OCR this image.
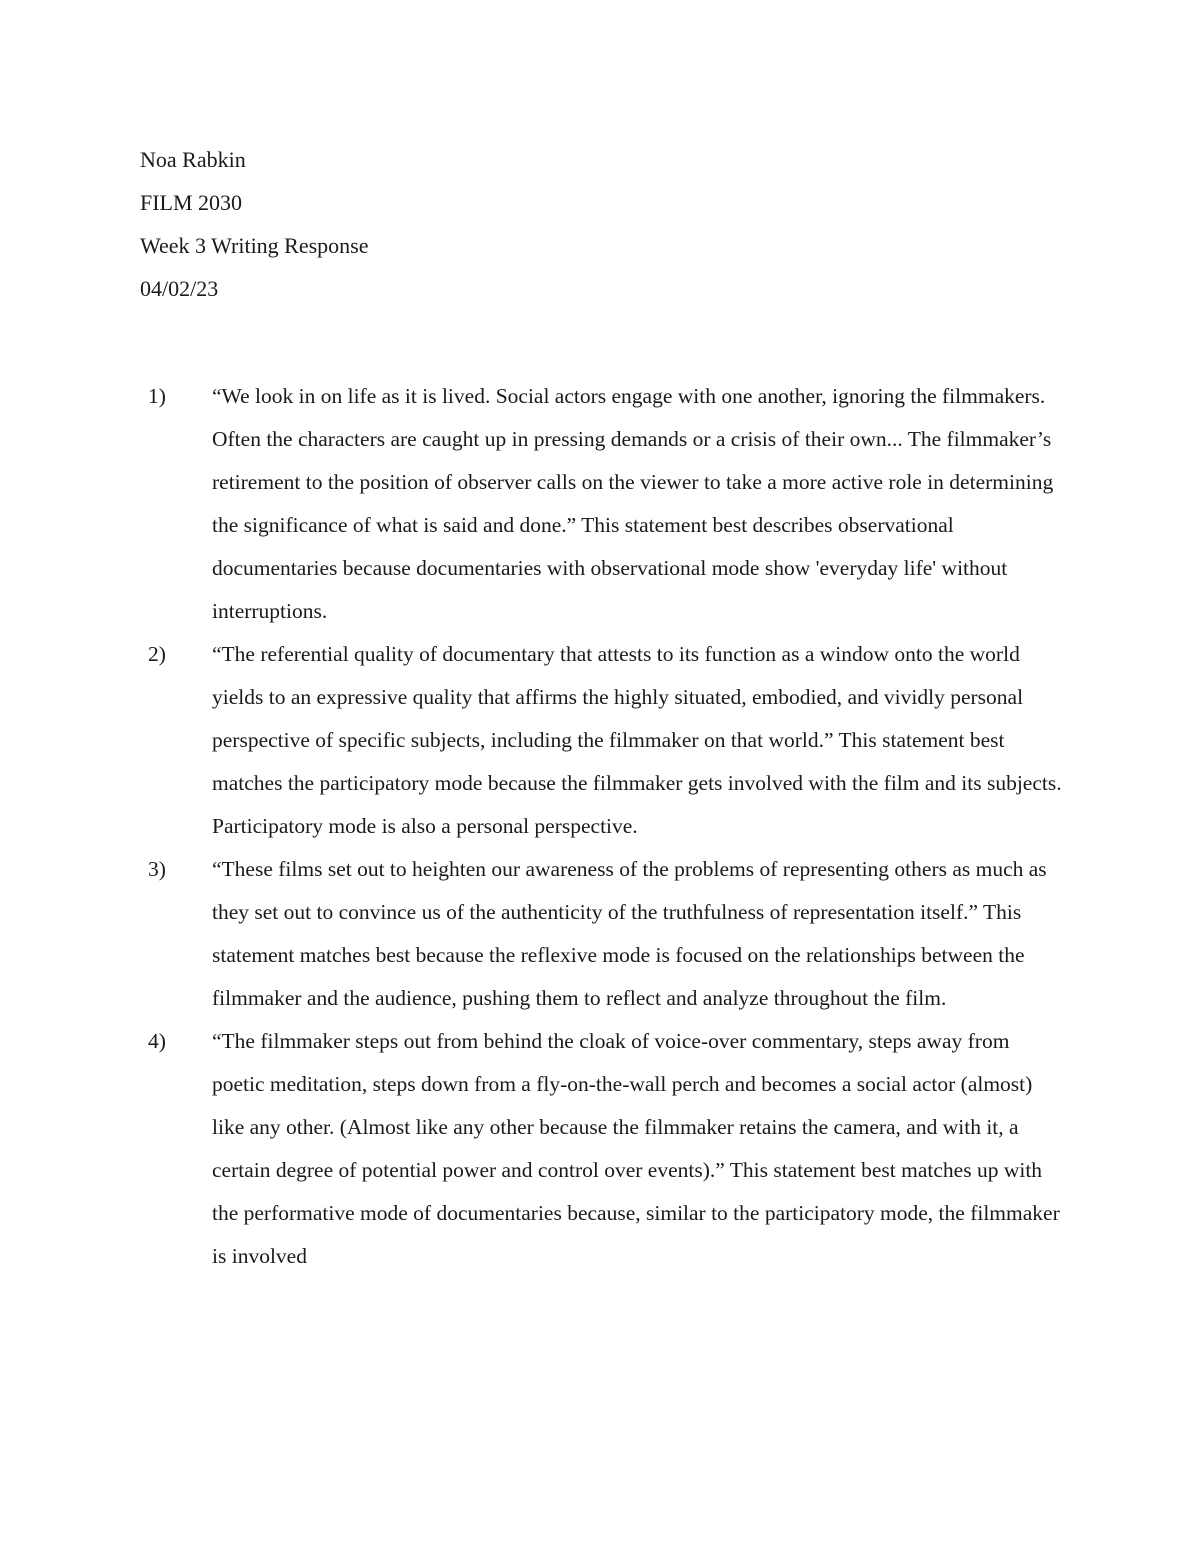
Noa Rabkin
FILM 2030
Week 3 Writing Response
04/02/23
1)	“We look in on life as it is lived. Social actors engage with one another, ignoring the filmmakers. Often the characters are caught up in pressing demands or a crisis of their own... The filmmaker’s retirement to the position of observer calls on the viewer to take a more active role in determining the significance of what is said and done.” This statement best describes observational documentaries because documentaries with observational mode show 'everyday life' without interruptions.
2)	“The referential quality of documentary that attests to its function as a window onto the world yields to an expressive quality that affirms the highly situated, embodied, and vividly personal perspective of specific subjects, including the filmmaker on that world.” This statement best matches the participatory mode because the filmmaker gets involved with the film and its subjects. Participatory mode is also a personal perspective.
3)	“These films set out to heighten our awareness of the problems of representing others as much as they set out to convince us of the authenticity of the truthfulness of representation itself.” This statement matches best because the reflexive mode is focused on the relationships between the filmmaker and the audience, pushing them to reflect and analyze throughout the film.
4)	“The filmmaker steps out from behind the cloak of voice-over commentary, steps away from poetic meditation, steps down from a fly-on-the-wall perch and becomes a social actor (almost) like any other. (Almost like any other because the filmmaker retains the camera, and with it, a certain degree of potential power and control over events).” This statement best matches up with the performative mode of documentaries because, similar to the participatory mode, the filmmaker is involved
